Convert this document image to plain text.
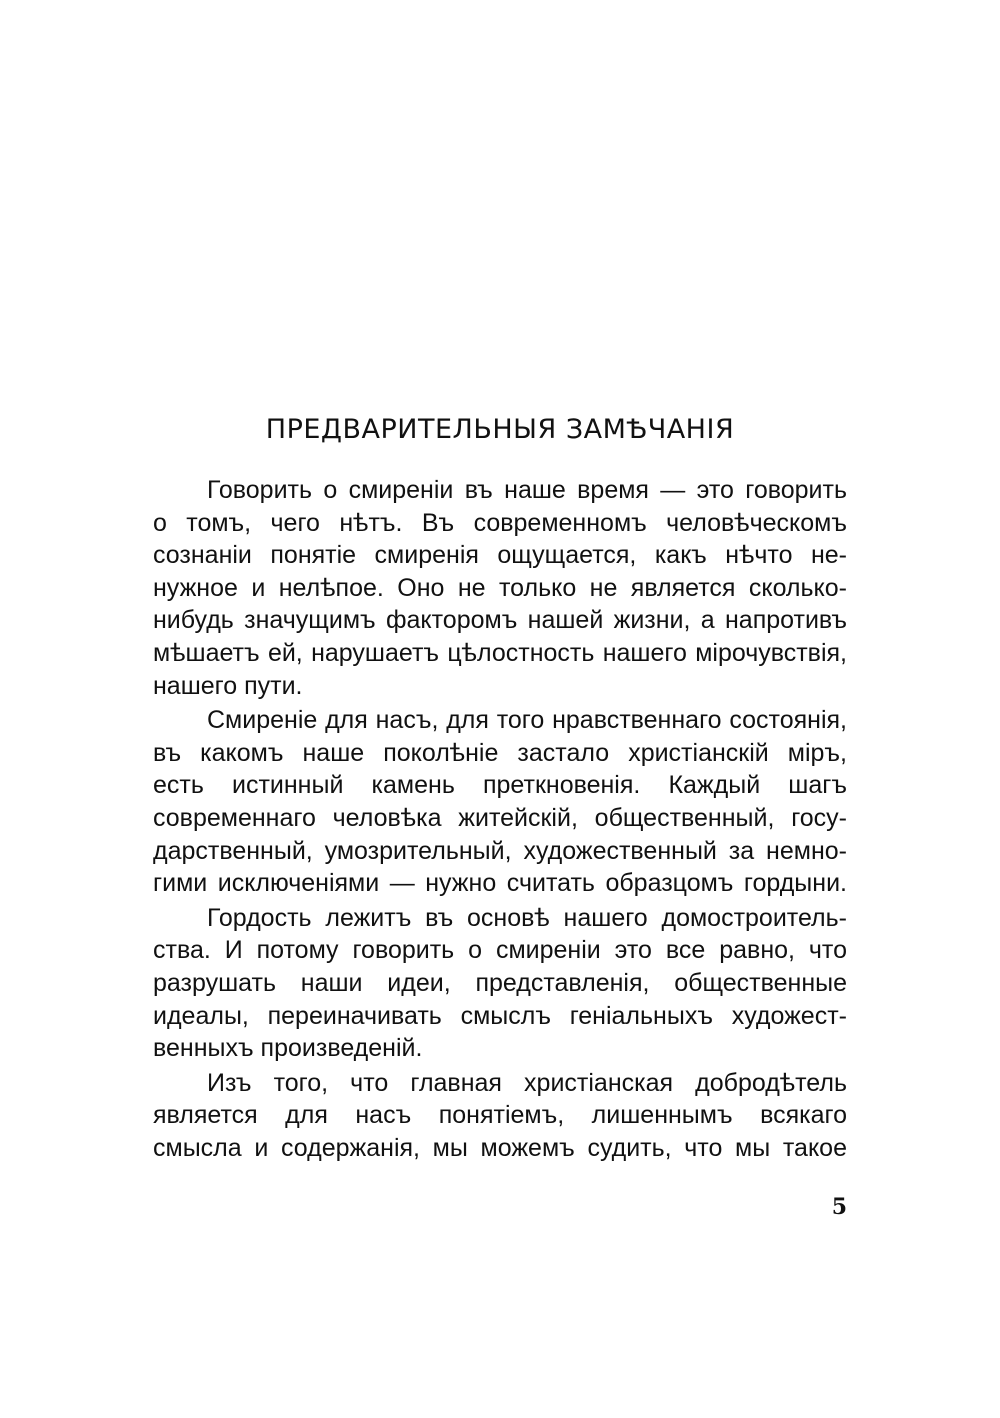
ПРЕДВАРИТЕЛЬНЫЯ ЗАМѢЧАНІЯ
Говорить о смиреніи въ наше время — это говорить
о томъ, чего нѣтъ. Въ современномъ человѣческомъ
сознаніи понятіе смиренія ощущается, какъ нѣчто не-
нужное и нелѣпое. Оно не только не является сколько-
нибудь значущимъ факторомъ нашей жизни, а напротивъ
мѣшаетъ ей, нарушаетъ цѣлостность нашего мірочувствія,
нашего пути.
Смиреніе для насъ, для того нравственнаго состоянія,
въ какомъ наше поколѣніе застало христіанскій міръ,
есть истинный камень преткновенія. Каждый шагъ
современнаго человѣка житейскій, общественный, госу-
дарственный, умозрительный, художественный за немно-
гими исключеніями — нужно считать образцомъ гордыни.
Гордость лежитъ въ основѣ нашего домостроитель-
ства. И потому говорить о смиреніи это все равно, что
разрушать наши идеи, представленія, общественные
идеалы, переиначивать смыслъ геніальныхъ художест-
венныхъ произведеній.
Изъ того, что главная христіанская добродѣтель
является для насъ понятіемъ, лишеннымъ всякаго
смысла и содержанія, мы можемъ судить, что мы такое
5
